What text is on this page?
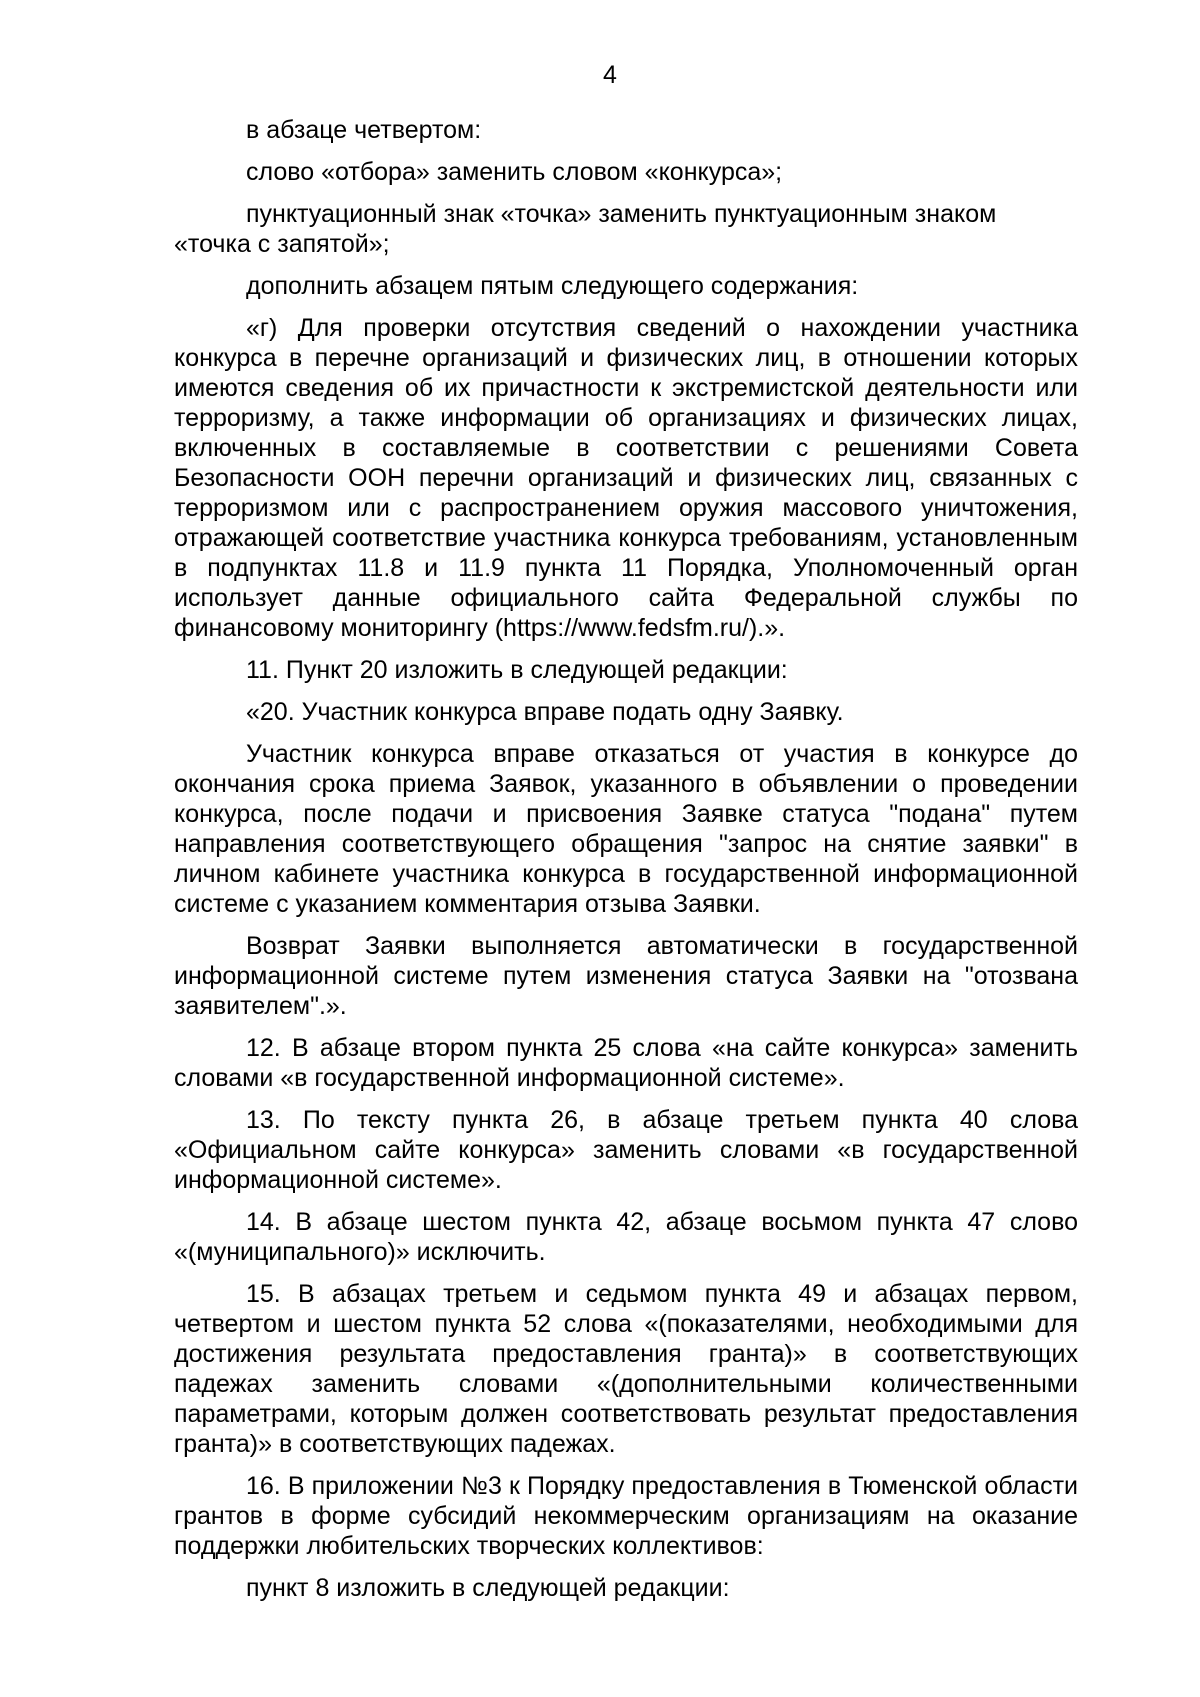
4

в абзаце четвертом:

слово «отбора» заменить словом «конкурса»;

пунктуационный знак «точка» заменить пунктуационным знаком «точка с запятой»;

дополнить абзацем пятым следующего содержания:

«г) Для проверки отсутствия сведений о нахождении участника конкурса в перечне организаций и физических лиц, в отношении которых имеются сведения об их причастности к экстремистской деятельности или терроризму, а также информации об организациях и физических лицах, включенных в составляемые в соответствии с решениями Совета Безопасности ООН перечни организаций и физических лиц, связанных с терроризмом или с распространением оружия массового уничтожения, отражающей соответствие участника конкурса требованиям, установленным в подпунктах 11.8 и 11.9 пункта 11 Порядка, Уполномоченный орган использует данные официального сайта Федеральной службы по финансовому мониторингу (https://www.fedsfm.ru/).».

11. Пункт 20 изложить в следующей редакции:

«20. Участник конкурса вправе подать одну Заявку.

Участник конкурса вправе отказаться от участия в конкурсе до окончания срока приема Заявок, указанного в объявлении о проведении конкурса, после подачи и присвоения Заявке статуса "подана" путем направления соответствующего обращения "запрос на снятие заявки" в личном кабинете участника конкурса в государственной информационной системе с указанием комментария отзыва Заявки.

Возврат Заявки выполняется автоматически в государственной информационной системе путем изменения статуса Заявки на "отозвана заявителем".».

12. В абзаце втором пункта 25 слова «на сайте конкурса» заменить словами «в государственной информационной системе».

13. По тексту пункта 26, в абзаце третьем пункта 40 слова «Официальном сайте конкурса» заменить словами «в государственной информационной системе».

14. В абзаце шестом пункта 42, абзаце восьмом пункта 47 слово «(муниципального)» исключить.

15. В абзацах третьем и седьмом пункта 49 и абзацах первом, четвертом и шестом пункта 52 слова «(показателями, необходимыми для достижения результата предоставления гранта)» в соответствующих падежах заменить словами «(дополнительными количественными параметрами, которым должен соответствовать результат предоставления гранта)» в соответствующих падежах.

16. В приложении №3 к Порядку предоставления в Тюменской области грантов в форме субсидий некоммерческим организациям на оказание поддержки любительских творческих коллективов:

пункт 8 изложить в следующей редакции:
